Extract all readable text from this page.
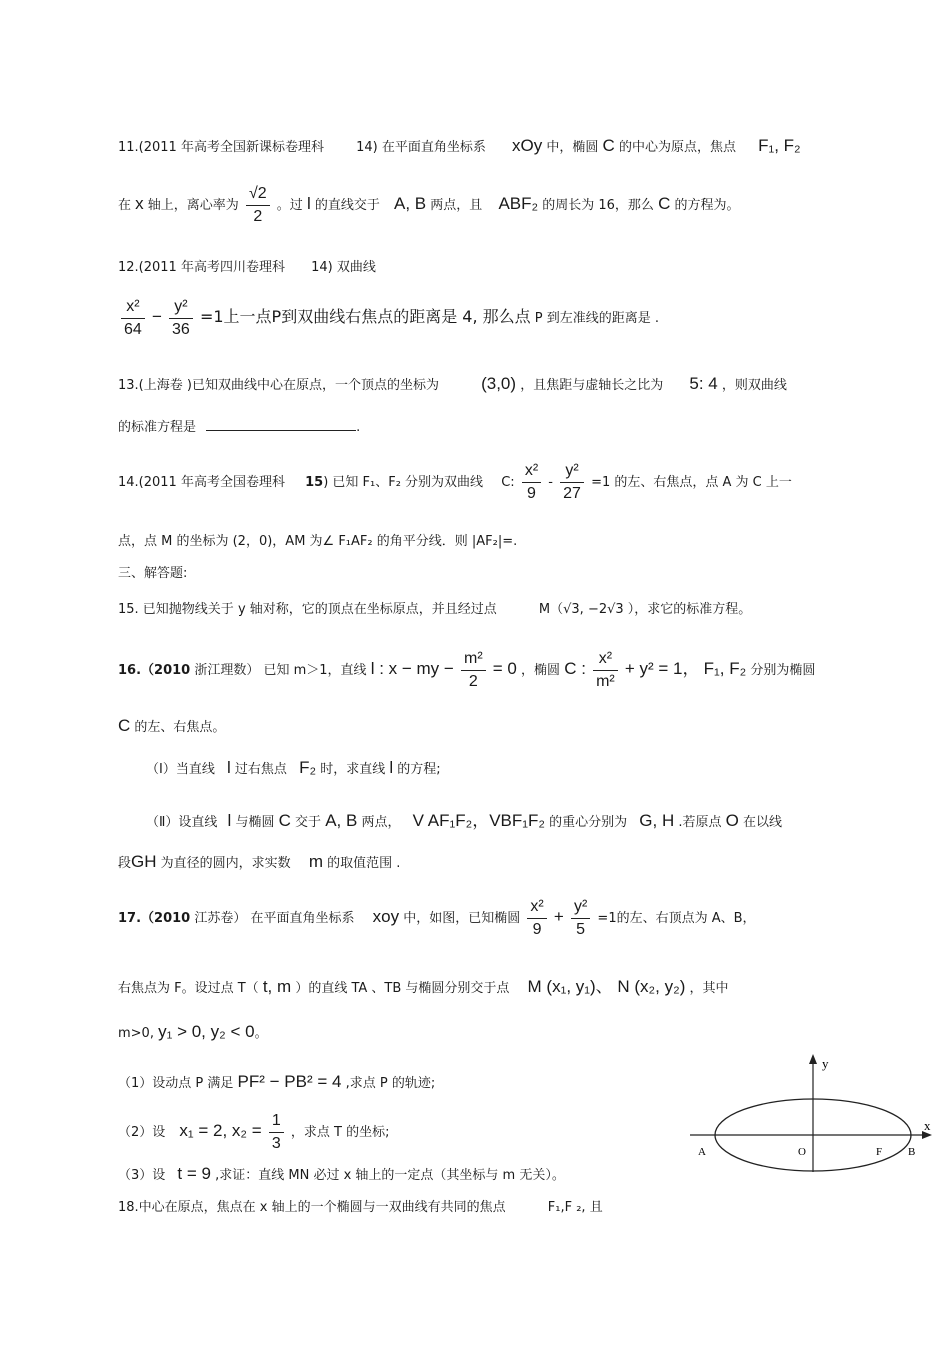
11.(2011 年高考全国新课标卷理科 14) 在平面直角坐标系 xOy 中，椭圆 C 的中心为原点，焦点 F₁, F₂
在 x 轴上，离心率为 $\frac{√2}{2}$ 。过 l 的直线交于 A, B 两点，且 ABF₂ 的周长为 16，那么 C 的方程为。
12.(2011 年高考四川卷理科 14) 双曲线
$\frac{\text{x²}}{64} - \frac{\text{y²}}{36} =1$上一点P到双曲线右焦点的距离是 4, 那么点 P 到左准线的距离是 .
13.(上海卷 )已知双曲线中心在原点，一个顶点的坐标为 (3,0) ，且焦距与虚轴长之比为 5: 4 ，则双曲线
的标准方程是	.
14.(2011 年高考全国卷理科 15) 已知 F₁、F₂ 分别为双曲线 C: $\frac{\text{x²}}{9} - \frac{\text{y²}}{27} =1$ 的左、右焦点，点 A 为 C 上一
点，点 M 的坐标为 (2，0)，AM 为∠ F₁AF₂ 的角平分线．则 |AF₂|=.
三、解答题:
15. 已知抛物线关于 y 轴对称，它的顶点在坐标原点，并且经过点	M（√3, −2√3 ），求它的标准方程。
16.（2010 浙江理数） 已知 m＞1，直线 l : x − my − $\frac{\text{m²}}{2} = 0$ ，椭圆 C : $\frac{\text{x²}}{\text{m²}} + y^2 = 1$， F₁, F₂ 分别为椭圆
C 的左、右焦点。
（Ⅰ）当直线 l 过右焦点 F₂ 时，求直线 l 的方程;
（Ⅱ）设直线 l 与椭圆 C 交于 A, B 两点， V AF₁F₂，VBF₁F₂ 的重心分别为 G, H .若原点 O 在以线
段GH 为直径的圆内，求实数 m 的取值范围 .
17.（2010 江苏卷） 在平面直角坐标系 xoy 中，如图，已知椭圆 $\frac{\text{x²}}{9} + \frac{\text{y²}}{5} =1$的左、右顶点为 A、B，
右焦点为 F。设过点 T（ t, m ）的直线 TA 、TB 与椭圆分别交于点 M (x₁, y₁)、 N (x₂, y₂) ，其中
m>0, y₁ > 0, y₂ < 0。
（1）设动点 P 满足 PF² − PB² = 4 ,求点 P 的轨迹;
（2）设 x₁ = 2, $x_2 = \frac{1}{3}$ ，求点 T 的坐标;
（3）设 t = 9 ,求证：直线 MN 必过 x 轴上的一定点（其坐标与 m 无关）。
18.中心在原点，焦点在 x 轴上的一个椭圆与一双曲线有共同的焦点	F₁,F ₂, 且
y
x
A	O	F B
